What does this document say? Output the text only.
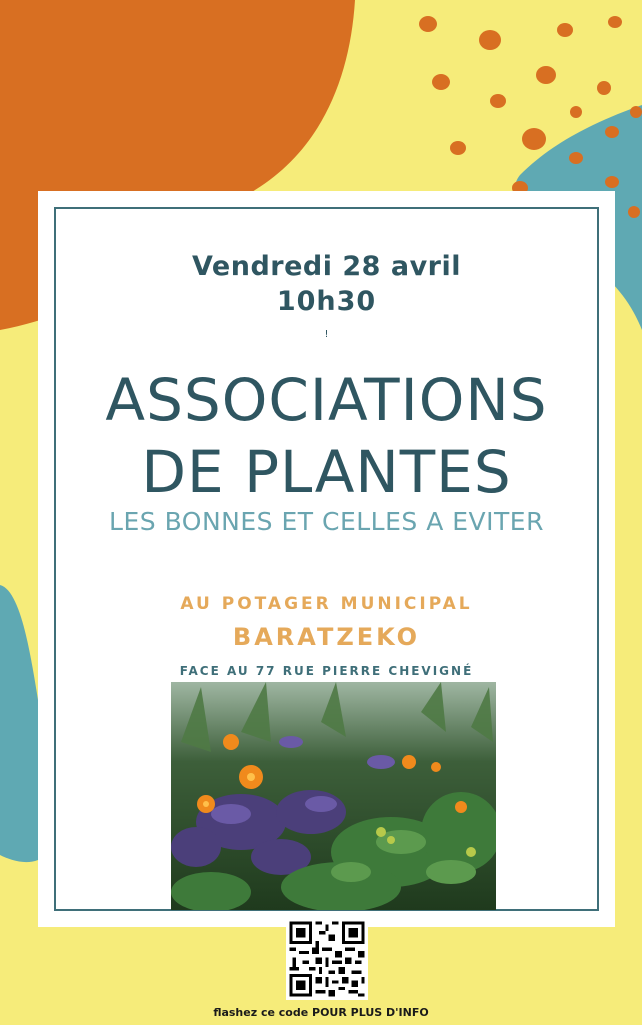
Vendredi 28 avril
10h30
!
ASSOCIATIONS
DE PLANTES
LES BONNES ET CELLES A EVITER
AU POTAGER MUNICIPAL
BARATZEKO
FACE AU 77 RUE PIERRE CHEVIGNÉ
flashez ce code POUR PLUS D'INFO
